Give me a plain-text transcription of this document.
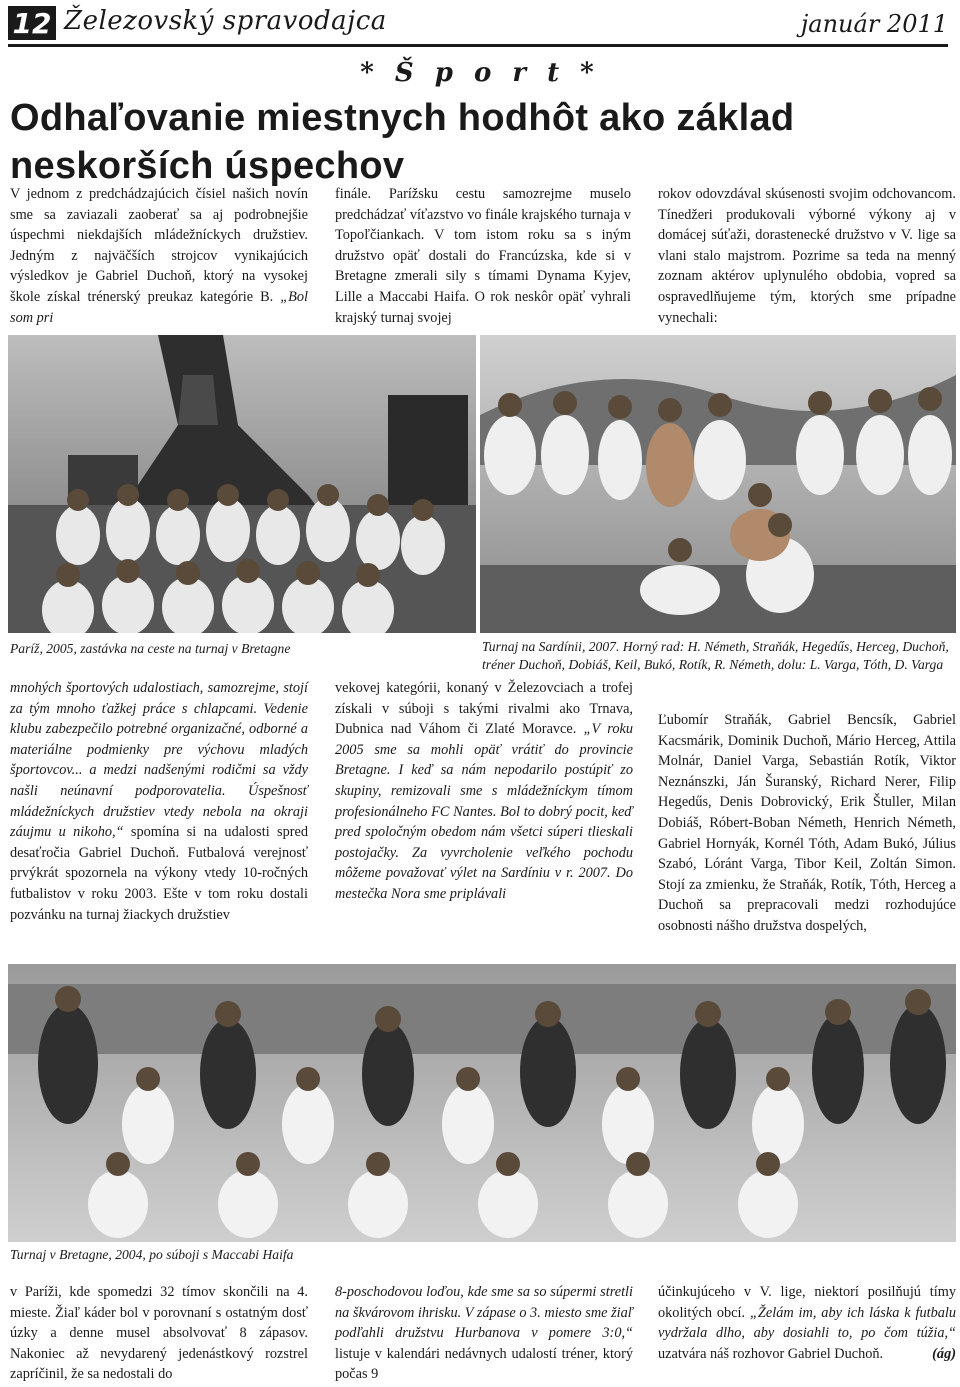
12 Železovský spravodajca	január 2011
* Š p o r t *
Odhaľovanie miestnych hodhôt ako základ neskorších úspechov
V jednom z predchádzajúcich čísiel našich novín sme sa zaviazali zaoberať sa aj podrobnejšie úspechmi niekdajších mládežníckych družstiev. Jedným z najväčších strojcov vynikajúcich výsledkov je Gabriel Duchoň, ktorý na vysokej škole získal trénerský preukaz kategórie B. „Bol som pri
finále. Parížsku cestu samozrejme muselo predchádzať víťazstvo vo finále krajského turnaja v Topoľčiankach. V tom istom roku sa s iným družstvo opäť dostali do Francúzska, kde si v Bretagne zmerali sily s tímami Dynama Kyjev, Lille a Maccabi Haifa. O rok neskôr opäť vyhrali krajský turnaj svojej
rokov odovzdával skúsenosti svojim odchovancom. Tínedžeri produkovali výborné výkony aj v domácej súťaži, dorastenecké družstvo v V. lige sa vlani stalo majstrom. Pozrime sa teda na menný zoznam aktérov uplynulého obdobia, vopred sa ospravedlňujeme tým, ktorých sme prípadne vynechali:
Paríž, 2005, zastávka na ceste na turnaj v Bretagne	Turnaj na Sardínii, 2007. Horný rad: H. Németh, Straňák, Hegedűs, Herceg, Duchoň, tréner Duchoň, Dobiáš, Keil, Bukó, Rotík, R. Németh, dolu: L. Varga, Tóth, D. Varga
mnohých športových udalostiach, samozrejme, stojí za tým mnoho ťažkej práce s chlapcami. Vedenie klubu zabezpečilo potrebné organizačné, odborné a materiálne podmienky pre výchovu mladých športovcov... a medzi nadšenými rodičmi sa vždy našli neúnavní podporovatelia. Úspešnosť mládežníckych družstiev vtedy nebola na okraji záujmu u nikoho,“ spomína si na udalosti spred desaťročia Gabriel Duchoň. Futbalová verejnosť prvýkrát spozornela na výkony vtedy 10-ročných futbalistov v roku 2003. Ešte v tom roku dostali pozvánku na turnaj žiackych družstiev
vekovej kategórii, konaný v Železovciach a trofej získali v súboji s takými rivalmi ako Trnava, Dubnica nad Váhom či Zlaté Moravce. „V roku 2005 sme sa mohli opäť vrátiť do provincie Bretagne. I keď sa nám nepodarilo postúpiť zo skupiny, remizovali sme s mládežníckym tímom profesionálneho FC Nantes. Bol to dobrý pocit, keď pred spoločným obedom nám všetci súperi tlieskali postojačky. Za vyvrcholenie veľkého pochodu môžeme považovať výlet na Sardíniu v r. 2007. Do mestečka Nora sme priplávali
Ľubomír Straňák, Gabriel Bencsík, Gabriel Kacsmárik, Dominik Duchoň, Mário Herceg, Attila Molnár, Daniel Varga, Sebastián Rotík, Viktor Neznánszki, Ján Šuranský, Richard Nerer, Filip Hegedűs, Denis Dobrovický, Erik Štuller, Milan Dobiáš, Róbert-Boban Németh, Henrich Németh, Gabriel Hornyák, Kornél Tóth, Adam Bukó, Július Szabó, Lóránt Varga, Tibor Keil, Zoltán Simon. Stojí za zmienku, že Straňák, Rotík, Tóth, Herceg a Duchoň sa prepracovali medzi rozhodujúce osobnosti nášho družstva dospelých,
Turnaj v Bretagne, 2004, po súboji s Maccabi Haifa
v Paríži, kde spomedzi 32 tímov skončili na 4. mieste. Žiaľ káder bol v porovnaní s ostatným dosť úzky a denne musel absolvovať 8 zápasov. Nakoniec až nevydarený jedenástkový rozstrel zapríčinil, že sa nedostali do
8-poschodovou loďou, kde sme sa so súpermi stretli na škvárovom ihrisku. V zápase o 3. miesto sme žiaľ podľahli družstvu Hurbanova v pomere 3:0,“ listuje v kalendári nedávnych udalostí tréner, ktorý počas 9
účinkujúceho v V. lige, niektorí posilňujú tímy okolitých obcí. „Želám im, aby ich láska k futbalu vydržala dlho, aby dosiahli to, po čom túžia,“ uzatvára náš rozhovor Gabriel Duchoň.	(ág)
